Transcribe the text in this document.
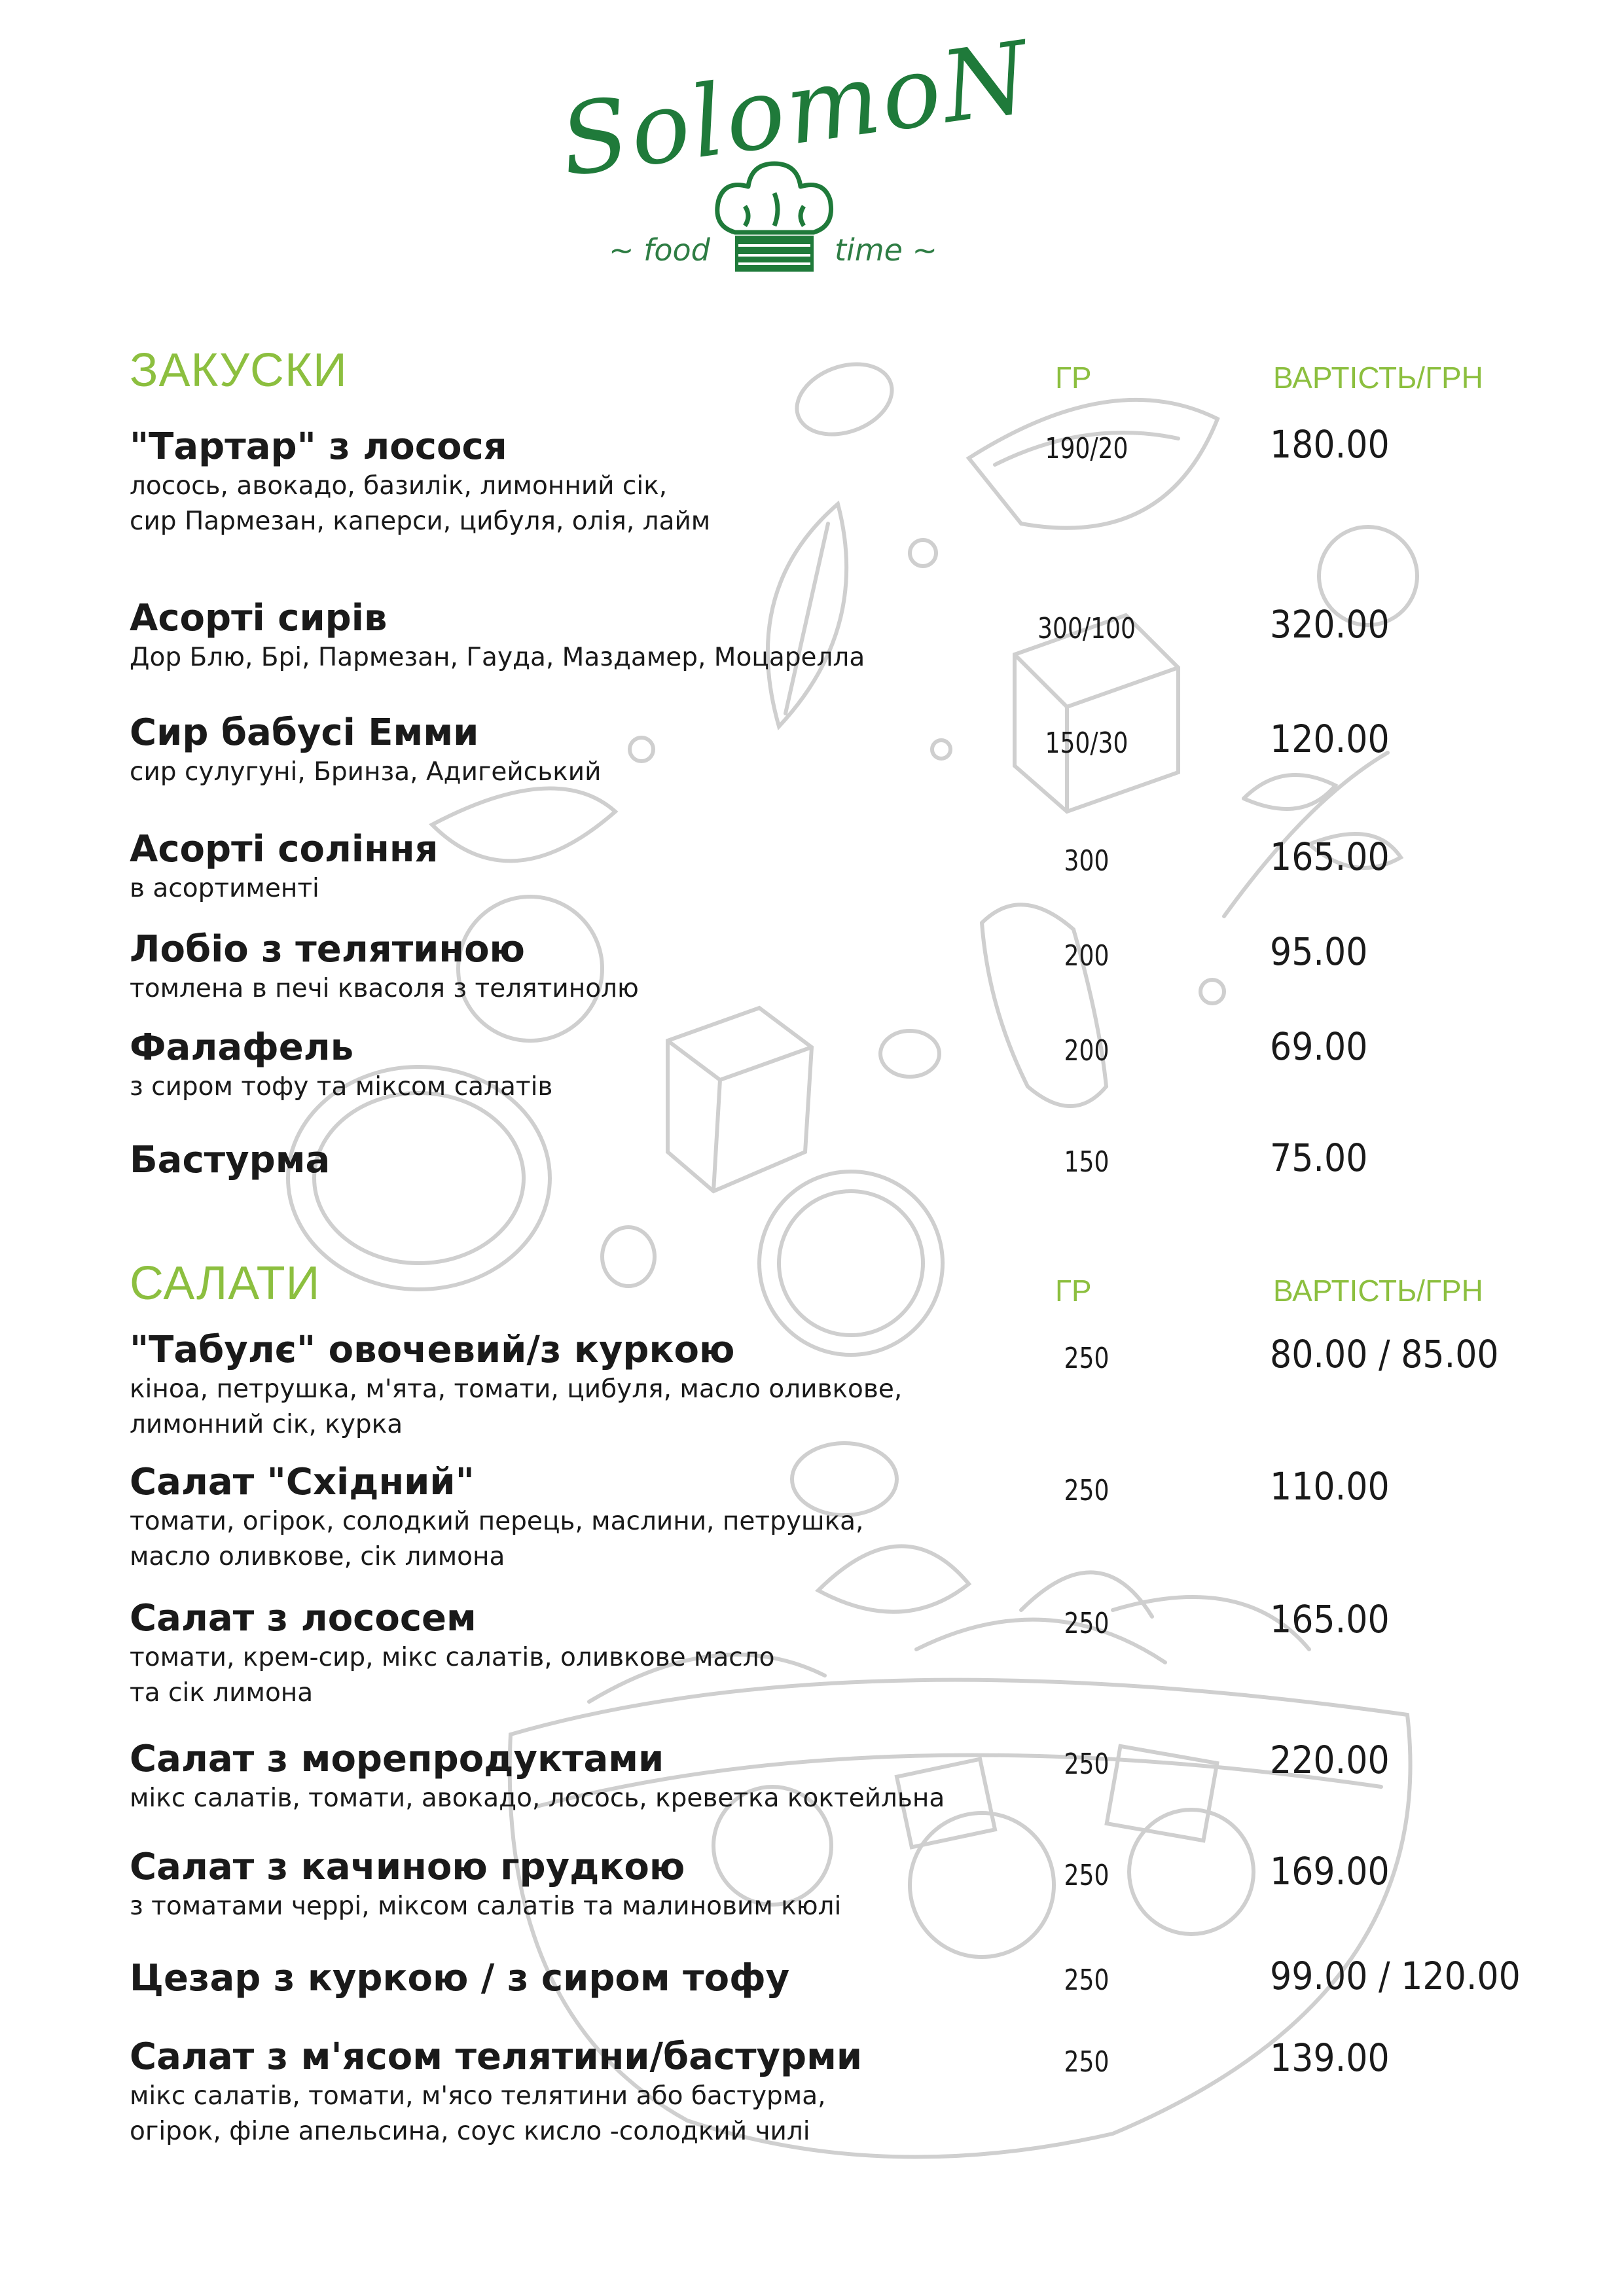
SolomoN
~ food	time ~
ЗАКУСКИ	ГР	ВАРТІСТЬ/ГРН
"Тартар" з лосося
лосось, авокадо, базилік, лимонний сік,
сир Пармезан, каперси, цибуля, олія, лайм
190/20	180.00
Асорті сирів
Дор Блю, Брі, Пармезан, Гауда, Маздамер, Моцарелла
300/100	320.00
Сир бабусі Емми
сир сулугуні, Бринза, Адигейський
150/30	120.00
Асорті соління
в асортименті
300	165.00
Лобіо з телятиною
томлена в печі квасоля з телятинолю
200	95.00
Фалафель
з сиром тофу та міксом салатів
200	69.00
Бастурма	150	75.00
САЛАТИ	ГР	ВАРТІСТЬ/ГРН
"Табулє" овочевий/з куркою
кіноа, петрушка, м'ята, томати, цибуля, масло оливкове,
лимонний сік, курка
250	80.00 / 85.00
Салат "Східний"
томати, огірок, солодкий перець, маслини, петрушка,
масло оливкове, сік лимона
250	110.00
Салат з лососем
томати, крем-сир, мікс салатів, оливкове масло
та сік лимона
250	165.00
Салат з морепродуктами
мікс салатів, томати, авокадо, лосось, креветка коктейльна
250	220.00
Салат з качиною грудкою
з томатами черрі, міксом салатів та малиновим кюлі
250	169.00
Цезар з куркою / з сиром тофу	250	99.00 / 120.00
Салат з м'ясом телятини/бастурми
мікс салатів, томати, м'ясо телятини або бастурма,
огірок, філе апельсина, соус кисло -солодкий чилі
250	139.00
